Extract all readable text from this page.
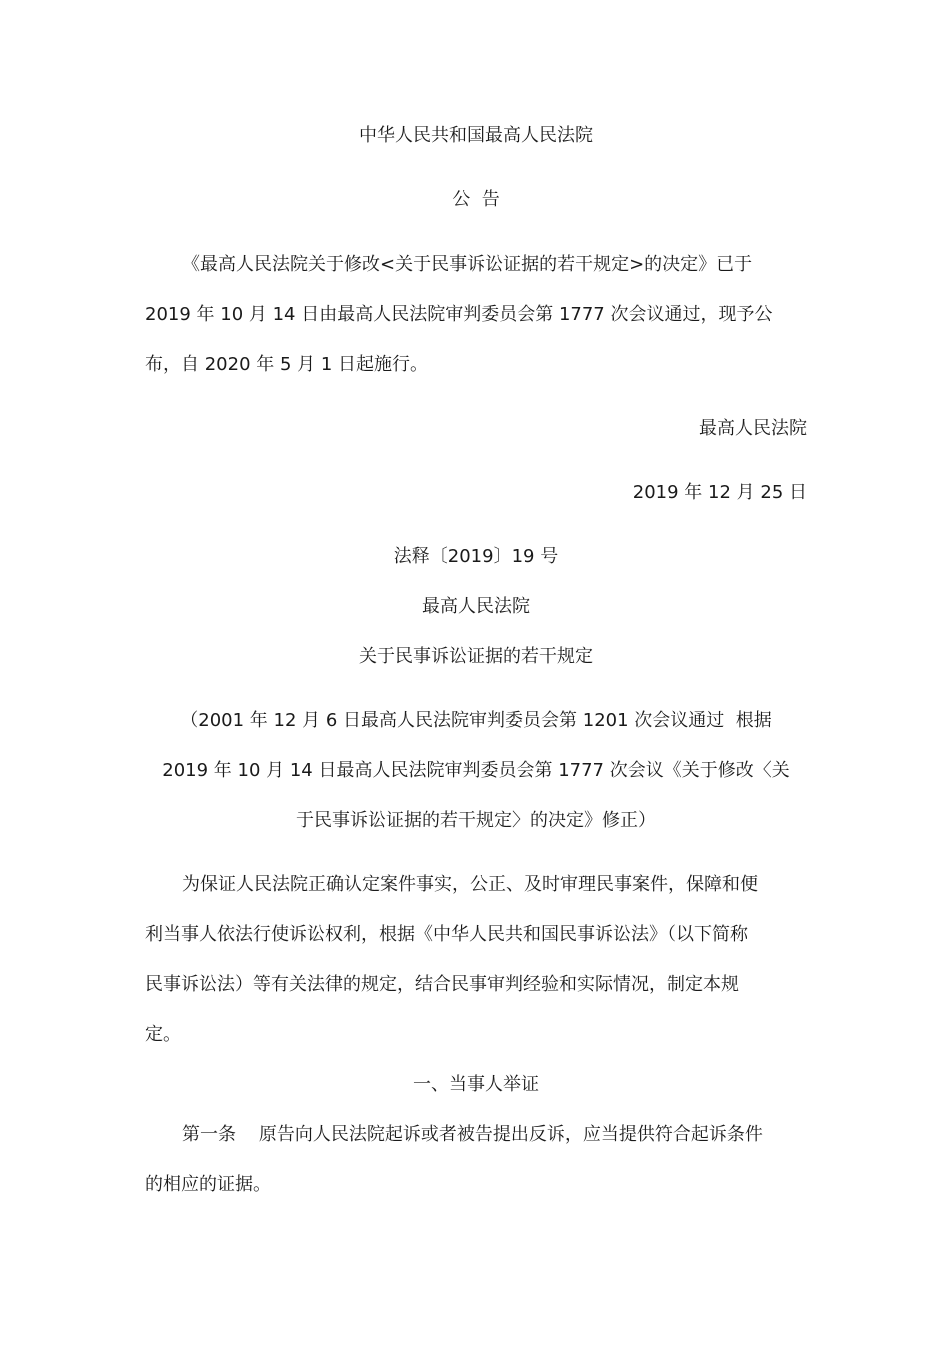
中华人民共和国最高人民法院

公  告

《最高人民法院关于修改<关于民事诉讼证据的若干规定>的决定》已于

2019 年 10 月 14 日由最高人民法院审判委员会第 1777 次会议通过，现予公

布，自 2020 年 5 月 1 日起施行。

最高人民法院

2019 年 12 月 25 日

法释〔2019〕19 号

最高人民法院

关于民事诉讼证据的若干规定

（2001 年 12 月 6 日最高人民法院审判委员会第 1201 次会议通过  根据

2019 年 10 月 14 日最高人民法院审判委员会第 1777 次会议《关于修改〈关

于民事诉讼证据的若干规定〉的决定》修正）

为保证人民法院正确认定案件事实，公正、及时审理民事案件，保障和便

利当事人依法行使诉讼权利，根据《中华人民共和国民事诉讼法》（以下简称

民事诉讼法）等有关法律的规定，结合民事审判经验和实际情况，制定本规

定。

一、当事人举证

第一条    原告向人民法院起诉或者被告提出反诉，应当提供符合起诉条件

的相应的证据。
